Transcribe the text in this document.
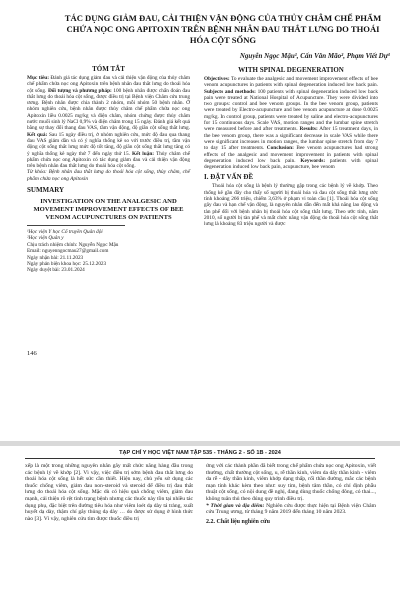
TÁC DỤNG GIẢM ĐAU, CẢI THIỆN VẬN ĐỘNG CỦA THỦY CHÂM CHẾ PHẨM CHỨA NỌC ONG APITOXIN TRÊN BỆNH NHÂN ĐAU THẮT LƯNG DO THOÁI HÓA CỘT SỐNG
Nguyễn Ngọc Mậu¹, Cấn Văn Mão², Phạm Viết Dự¹
TÓM TẮT

Mục tiêu: Đánh giá tác dụng giảm đau và cải thiện vận động của thủy châm chế phẩm chứa nọc ong Apitoxin trên bệnh nhân đau thắt lưng do thoái hóa cột sống. Đối tượng và phương pháp: 100 bệnh nhân được chẩn đoán đau thắt lưng do thoái hóa cột sống, được điều trị tại Bệnh viện Châm cứu trung ương. Bệnh nhân được chia thành 2 nhóm, mỗi nhóm 50 bệnh nhân. Ở nhóm nghiên cứu, bệnh nhân được thủy châm chế phẩm chứa nọc ong Apitoxin liều 0.0025 mg/kg và điện châm, nhóm chứng được thủy châm nước muối sinh lý NaCl 0,9% và điện châm trong 15 ngày. Đánh giá kết quả bằng sự thay đổi thang đau VAS, tầm vận động, độ giãn cột sống thắt lưng. Kết quả: Sau 15 ngày điều trị, ở nhóm nghiên cứu, mức độ đau qua thang đau VAS giảm dần và có ý nghĩa thống kê so với trước điều trị, tầm vận động cột sống thắt lưng mức độ tốt tăng, độ giãn cột sống thắt lưng tăng có ý nghĩa thống kê ngày thứ 7 đến ngày thứ 15. Kết luận: Thủy châm chế phẩm chứa nọc ong Apitoxin có tác dụng giảm đau và cải thiện vận động trên bệnh nhân đau thắt lưng do thoái hóa cột sống.

Từ khóa: Bệnh nhân đau thắt lưng do thoái hóa cột sống, thủy châm, chế phẩm chứa nọc ong Apitoxin

SUMMARY
INVESTIGATION ON THE ANALGESIC AND MOVEMENT IMPROVEMENT EFFECTS OF BEE VENOM ACUPUNCTURES ON PATIENTS

¹Học viện Y học Cổ truyền Quân đội

²Học viện Quân y

Chịu trách nhiệm chính: Nguyễn Ngọc Mậu

Email: nguyenngocmau27@gmail.com

Ngày nhận bài: 21.11.2023

Ngày phản biện khoa học: 25.12.2023

Ngày duyệt bài: 23.01.2024

WITH SPINAL DEGENERATION

Objectives: To evaluate the analgesic and movement improvement effects of bee venom acupunctures in patients with spinal degeneration induced low back pain. Subjects and methods: 100 patients with spinal degeneration induced low back pain were treated at National Hospital of Acupuncture. They were divided into two groups: control and bee venom groups. In the bee venom group, patients were treated by Electro-acupuncture and bee venom acupuncture at dose 0.0025 mg/kg. In control group, patients were treated by saline and electro-acupunctures for 15 continuous days. Scale VAS, motion ranges and the lumbar spine stretch were measured before and after treatments. Results: After 15 treatment days, in the bee venom group, there was a significant decrease in scale VAS while there were significant increases in motion ranges, the lumbar spine stretch from day 7 to day 15 after treatments. Conclusion: Bee venom acupunctures had strong effects of the analgesic and movement improvement in patients with spinal degeneration induced low back pain. Keywords: patients with spinal degeneration induced low back pain, acupuncture, bee venom

I. ĐẶT VẤN ĐỀ

Thoái hóa cột sống là bệnh lý thường gặp trong các bệnh lý về khớp. Theo thống kê gần đây cho thấy số người bị thoái hóa và đau cột sống thắt lưng ước tính khoảng 266 triệu, chiếm 3,63% ở phạm vi toàn cầu [1]. Thoái hóa cột sống gây đau và hạn chế vận động, là nguyên nhân dẫn đến mất khả năng lao động và tàn phế đối với bệnh nhân bị thoái hóa cột sống thắt lưng. Theo ước tính, năm 2010, số người bị tàn phế và mất chức năng vận động do thoái hóa cột sống thắt lưng là khoảng 83 triệu người và được

146
TẠP CHÍ Y HỌC VIỆT NAM TẬP 535 - THÁNG 2 - SỐ 1B - 2024

xếp là một trong những nguyên nhân gây mất chức năng hàng đầu trong các bệnh lý về khớp [2]. Vì vậy, việc điều trị sớm bệnh đau thắt lưng do thoái hóa cột sống là hết sức cần thiết. Hiện nay, chủ yếu sử dụng các thuốc chống viêm, giảm đau non-steroid và steroid để điều trị đau thắt lưng do thoái hóa cột sống. Mặc dù có hiệu quả chống viêm, giảm đau mạnh, cải thiện rõ rệt tình trạng bệnh nhưng các thuốc này tồn tại nhiều tác dụng phụ, đặc biệt trên đường tiêu hóa như viêm loét dạ dày tá tràng, xuất huyết dạ dày, thậm chí gây thủng dạ dày … do được sử dụng ở hình thức nào [3]. Vì vậy, nghiên cứu tìm được thuốc điều trị

ứng với các thành phần đã biết trong chế phẩm chứa nọc ong Apitoxin, viết thường, chất thường cột sống, u, rễ thần kinh, viêm da dây thần kinh - viêm da rễ - dây thần kinh, viêm khớp dạng thấp, rối thần đường, mắc các bệnh mạn tính khác kèm theo như: suy tim, bệnh tâm thần, có chỉ định phẫu thuật cột sống, có nội dung đề nghị, đang dùng thuốc chống đông, có thai..., không tuân thủ theo đúng quy trình điều trị.

* Thời gian và địa điểm: Nghiên cứu được thực hiện tại Bệnh viện Châm cứu Trung ương, từ tháng 9 năm 2019 đến tháng 10 năm 2023.

2.2. Chất liệu nghiên cứu
